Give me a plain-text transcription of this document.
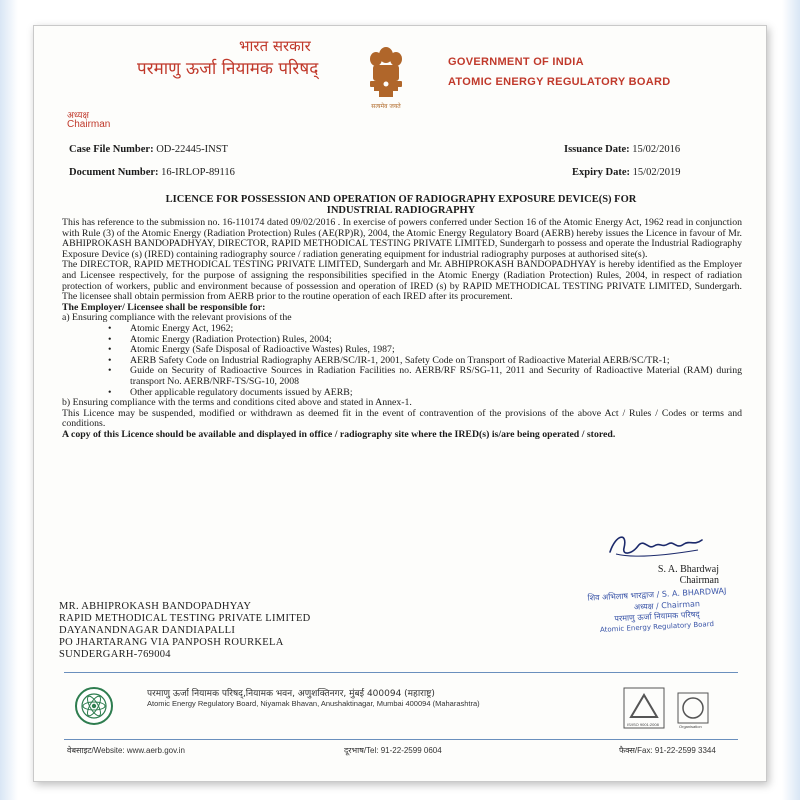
भारत सरकार
परमाणु ऊर्जा नियामक परिषद्
सत्यमेव जयते
GOVERNMENT OF INDIA
ATOMIC ENERGY REGULATORY BOARD
अध्यक्ष
Chairman
Case File Number: OD-22445-INST	Issuance Date: 15/02/2016
Document Number: 16-IRLOP-89116	Expiry Date: 15/02/2019
LICENCE FOR POSSESSION AND OPERATION OF RADIOGRAPHY EXPOSURE DEVICE(S) FOR
INDUSTRIAL RADIOGRAPHY

This has reference to the submission no. 16-110174 dated 09/02/2016 . In exercise of powers conferred under Section 16 of the Atomic Energy Act, 1962 read in conjunction with Rule (3) of the Atomic Energy (Radiation Protection) Rules (AE(RP)R), 2004, the Atomic Energy Regulatory Board (AERB) hereby issues the Licence in favour of Mr. ABHIPROKASH BANDOPADHYAY, DIRECTOR, RAPID METHODICAL TESTING PRIVATE LIMITED, Sundergarh to possess and operate the Industrial Radiography Exposure Device (s) (IRED) containing radiography source / radiation generating equipment for industrial radiography purposes at authorised site(s).

The DIRECTOR, RAPID METHODICAL TESTING PRIVATE LIMITED, Sundergarh and Mr. ABHIPROKASH BANDOPADHYAY is hereby identified as the Employer and Licensee respectively, for the purpose of assigning the responsibilities specified in the Atomic Energy (Radiation Protection) Rules, 2004, in respect of radiation protection of workers, public and environment because of possession and operation of IRED (s) by RAPID METHODICAL TESTING PRIVATE LIMITED, Sundergarh. The licensee shall obtain permission from AERB prior to the routine operation of each IRED after its procurement.

The Employer/ Licensee shall be responsible for:

a) Ensuring compliance with the relevant provisions of the

• Atomic Energy Act, 1962;
• Atomic Energy (Radiation Protection) Rules, 2004;
• Atomic Energy (Safe Disposal of Radioactive Wastes) Rules, 1987;
• AERB Safety Code on Industrial Radiography AERB/SC/IR-1, 2001, Safety Code on Transport of Radioactive Material AERB/SC/TR-1;
• Guide on Security of Radioactive Sources in Radiation Facilities no. AERB/RF RS/SG-11, 2011 and Security of Radioactive Material (RAM) during transport No. AERB/NRF-TS/SG-10, 2008
• Other applicable regulatory documents issued by AERB;

b) Ensuring compliance with the terms and conditions cited above and stated in Annex-1.

This Licence may be suspended, modified or withdrawn as deemed fit in the event of contravention of the provisions of the above Act / Rules / Codes or terms and conditions.

A copy of this Licence should be available and displayed in office / radiography site where the IRED(s) is/are being operated / stored.

S. A. Bhardwaj
Chairman
शिव अभिलाष भारद्वाज / S. A. BHARDWAJ
अध्यक्ष / Chairman
परमाणु ऊर्जा नियामक परिषद्
Atomic Energy Regulatory Board
MR. ABHIPROKASH BANDOPADHYAY
RAPID METHODICAL TESTING PRIVATE LIMITED
DAYANANDNAGAR DANDIAPALLI
PO JHARTARANG VIA PANPOSH ROURKELA
SUNDERGARH-769004
परमाणु ऊर्जा नियामक परिषद्,नियामक भवन, अणुशक्तिनगर, मुंबई 400094 (महाराष्ट्र)
Atomic Energy Regulatory Board, Niyamak Bhavan, Anushaktinagar, Mumbai 400094 (Maharashtra)
IS/ISO 9001:2008	Organisation
वेबसाइट/Website: www.aerb.gov.in	दूरभाष/Tel: 91-22-2599 0604	फैक्स/Fax: 91-22-2599 3344
